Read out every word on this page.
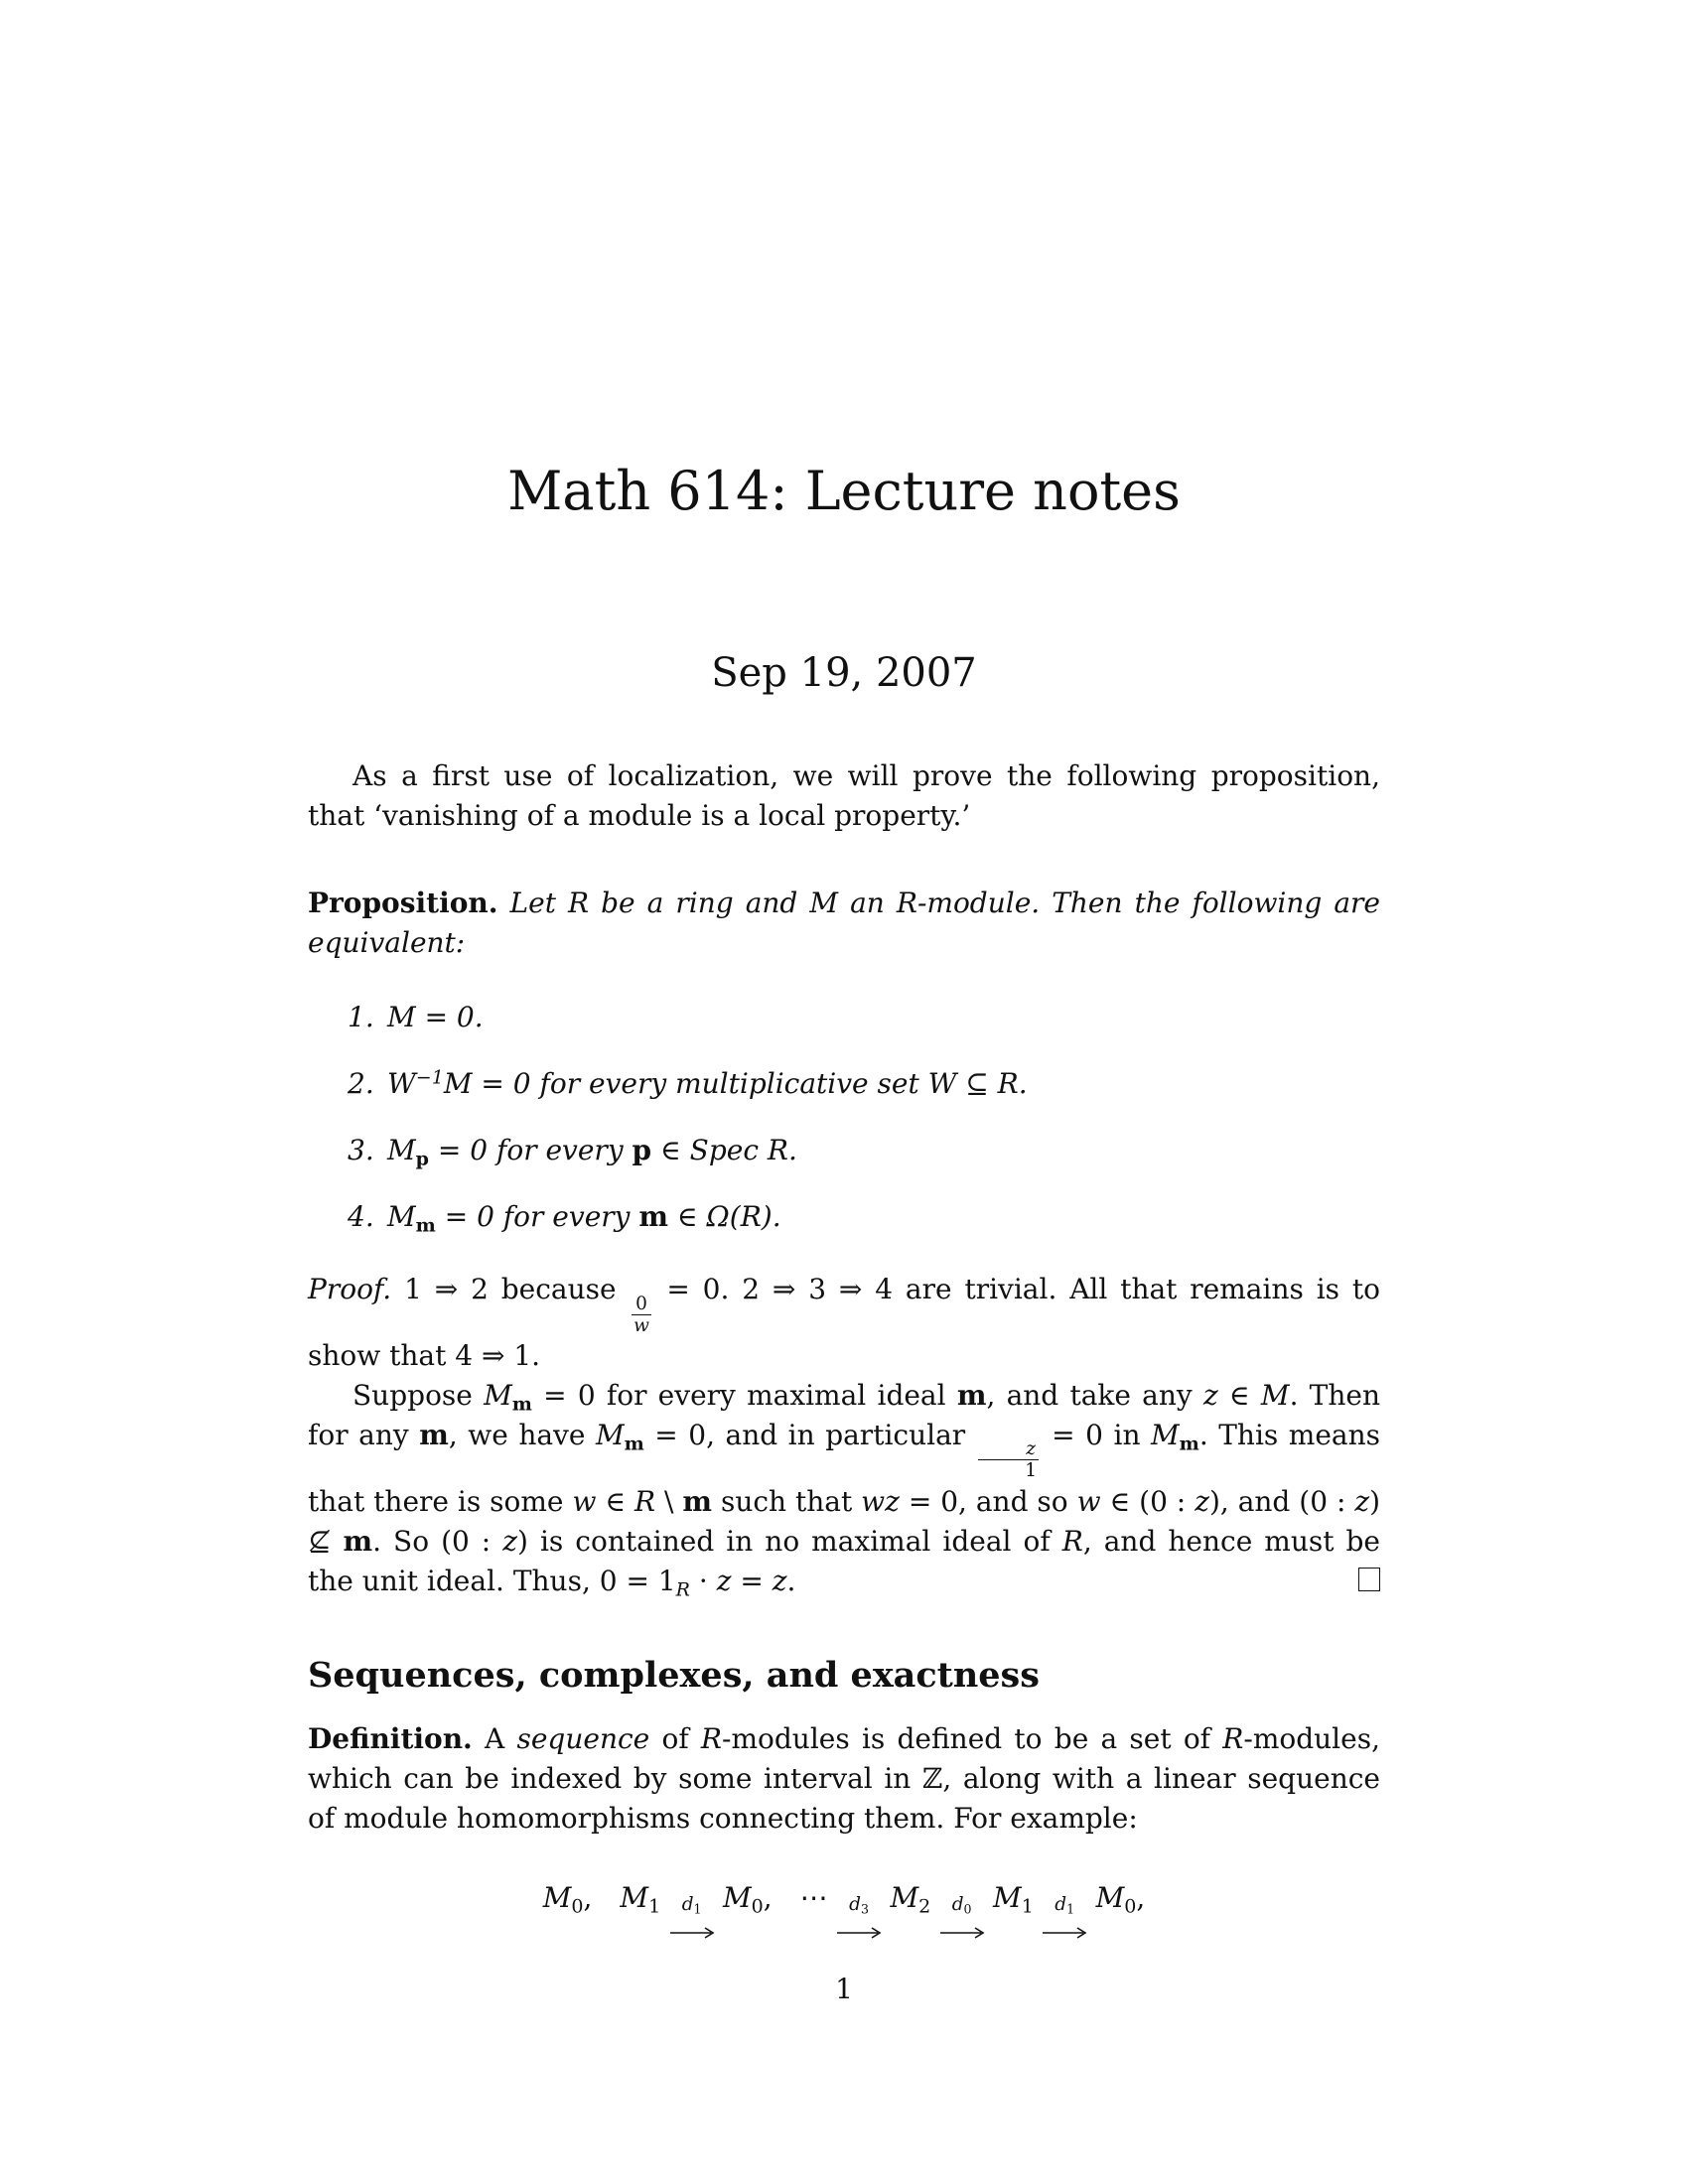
Math 614: Lecture notes
Sep 19, 2007

As a first use of localization, we will prove the following proposition, that ‘vanishing of a module is a local property.’

Proposition. Let R be a ring and M an R-module. Then the following are equivalent:

1. M = 0.
2. $W^{-1}M = 0$ for every multiplicative set W ⊆ R.
3. $M_p = 0$ for every p ∈ Spec R.
4. $M_m = 0$ for every m ∈ Ω(R).

Proof. 1 ⇒ 2 because
$\frac{0}{w}$
= 0. 2 ⇒ 3 ⇒ 4 are trivial. All that remains is to show that 4 ⇒ 1.

Suppose $M_m = 0$ for every maximal ideal m, and take any z ∈ M. Then for any m, we have $M_m = 0$, and in particular
$\frac{z}{1}$
= 0 in $M_m$. This means that there is some w ∈ R \ m such that wz = 0, and so w ∈ (0 : z), and (0 : z) ⊈ m. So (0 : z) is contained in no maximal ideal of R, and hence must be the unit ideal. Thus, $0 = 1_R \cdot z = z$.

Sequences, complexes, and exactness

Definition. A sequence of R-modules is defined to be a set of R-modules, which can be indexed by some interval in ℤ, along with a linear sequence of module homomorphisms connecting them. For example:

$M_0$,  $M_1$ $d_1$ $M_0$,  ⋯ $d_3$ $M_2$ $d_0$ $M_1$ $d_1$ $M_0$,
1
